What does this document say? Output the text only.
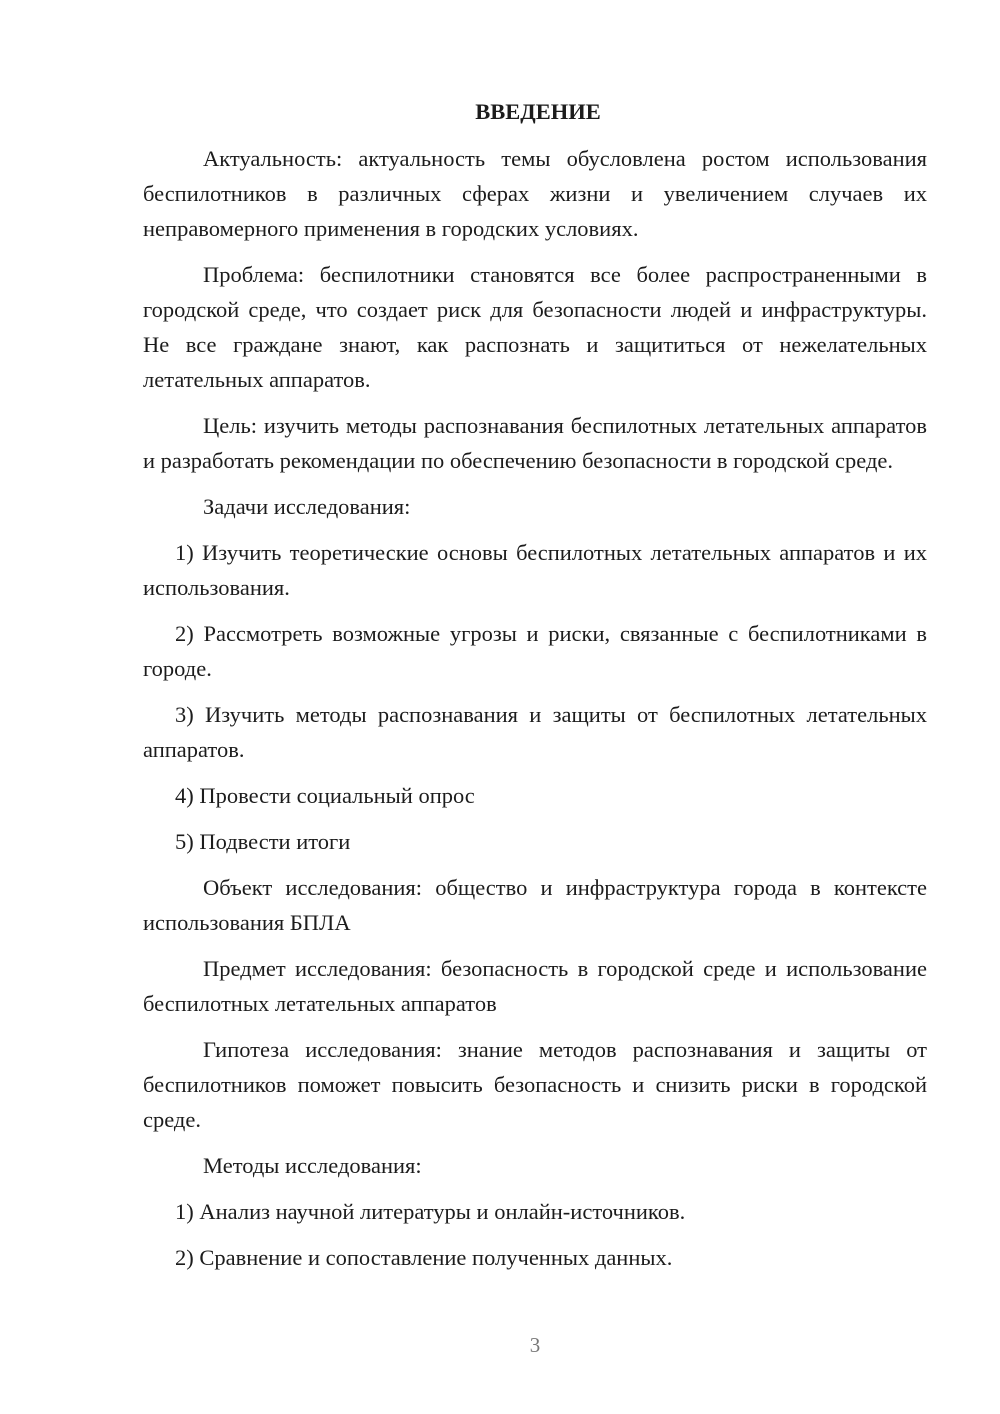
ВВЕДЕНИЕ

Актуальность: актуальность темы обусловлена ростом использования беспилотников в различных сферах жизни и увеличением случаев их неправомерного применения в городских условиях.

Проблема: беспилотники становятся все более распространенными в городской среде, что создает риск для безопасности людей и инфраструктуры. Не все граждане знают, как распознать и защититься от нежелательных летательных аппаратов.

Цель: изучить методы распознавания беспилотных летательных аппаратов и разработать рекомендации по обеспечению безопасности в городской среде.

Задачи исследования:

1) Изучить теоретические основы беспилотных летательных аппаратов и их использования.

2) Рассмотреть возможные угрозы и риски, связанные с беспилотниками в городе.

3) Изучить методы распознавания и защиты от беспилотных летательных аппаратов.

4) Провести социальный опрос

5) Подвести итоги

Объект исследования: общество и инфраструктура города в контексте использования БПЛА

Предмет исследования: безопасность в городской среде и использование беспилотных летательных аппаратов

Гипотеза исследования: знание методов распознавания и защиты от беспилотников поможет повысить безопасность и снизить риски в городской среде.

Методы исследования:

1) Анализ научной литературы и онлайн-источников.

2) Сравнение и сопоставление полученных данных.

3
